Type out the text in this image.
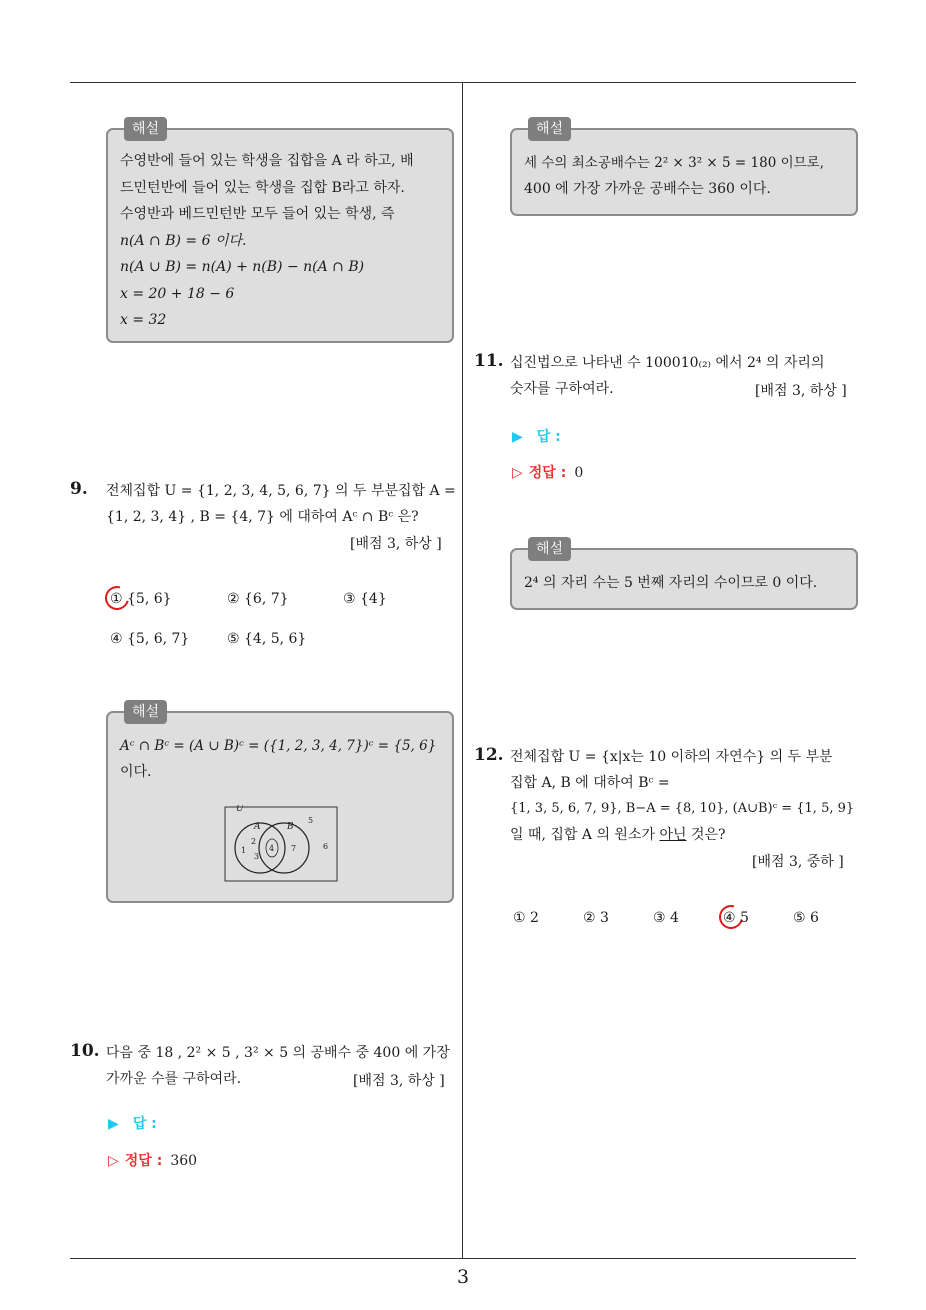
3
해설

수영반에 들어 있는 학생을 집합을 A 라 하고, 배

드민턴반에 들어 있는 학생을 집합 B라고 하자.

수영반과 베드민턴반 모두 들어 있는 학생, 즉

n(A ∩ B) = 6 이다.

n(A ∪ B) = n(A) + n(B) − n(A ∩ B)

x = 20 + 18 − 6

x = 32

9. 전체집합 U = {1, 2, 3, 4, 5, 6, 7} 의 두 부분집합 A =
{1, 2, 3, 4} , B = {4, 7} 에 대하여 Aᶜ ∩ Bᶜ 은?
[배점 3, 하상 ]
① {5, 6}	② {6, 7}	③ {4}
④ {5, 6, 7}	⑤ {4, 5, 6}
해설

Aᶜ ∩ Bᶜ = (A ∪ B)ᶜ = ({1, 2, 3, 4, 7})ᶜ = {5, 6}

이다.

U
A	B
1
2
3
4 7
5
6
10. 다음 중 18 , 2² × 5 , 3² × 5 의 공배수 중 400 에 가장
가까운 수를 구하여라.	[배점 3, 하상 ]
▶ 답 :
▷ 정답 : 360
해설

세 수의 최소공배수는 2² × 3² × 5 = 180 이므로,

400 에 가장 가까운 공배수는 360 이다.

11. 십진법으로 나타낸 수 100010₍₂₎ 에서 2⁴ 의 자리의
숫자를 구하여라.	[배점 3, 하상 ]
▶ 답 :
▷ 정답 : 0
해설

2⁴ 의 자리 수는 5 번째 자리의 수이므로 0 이다.

12. 전체집합 U = {x|x는 10 이하의 자연수} 의 두 부분
집합 A, B 에 대하여 Bᶜ =
{1, 3, 5, 6, 7, 9}, B−A = {8, 10}, (A∪B)ᶜ = {1, 5, 9}
일 때, 집합 A 의 원소가 아닌 것은?
[배점 3, 중하 ]
① 2	② 3	③ 4	④ 5	⑤ 6
